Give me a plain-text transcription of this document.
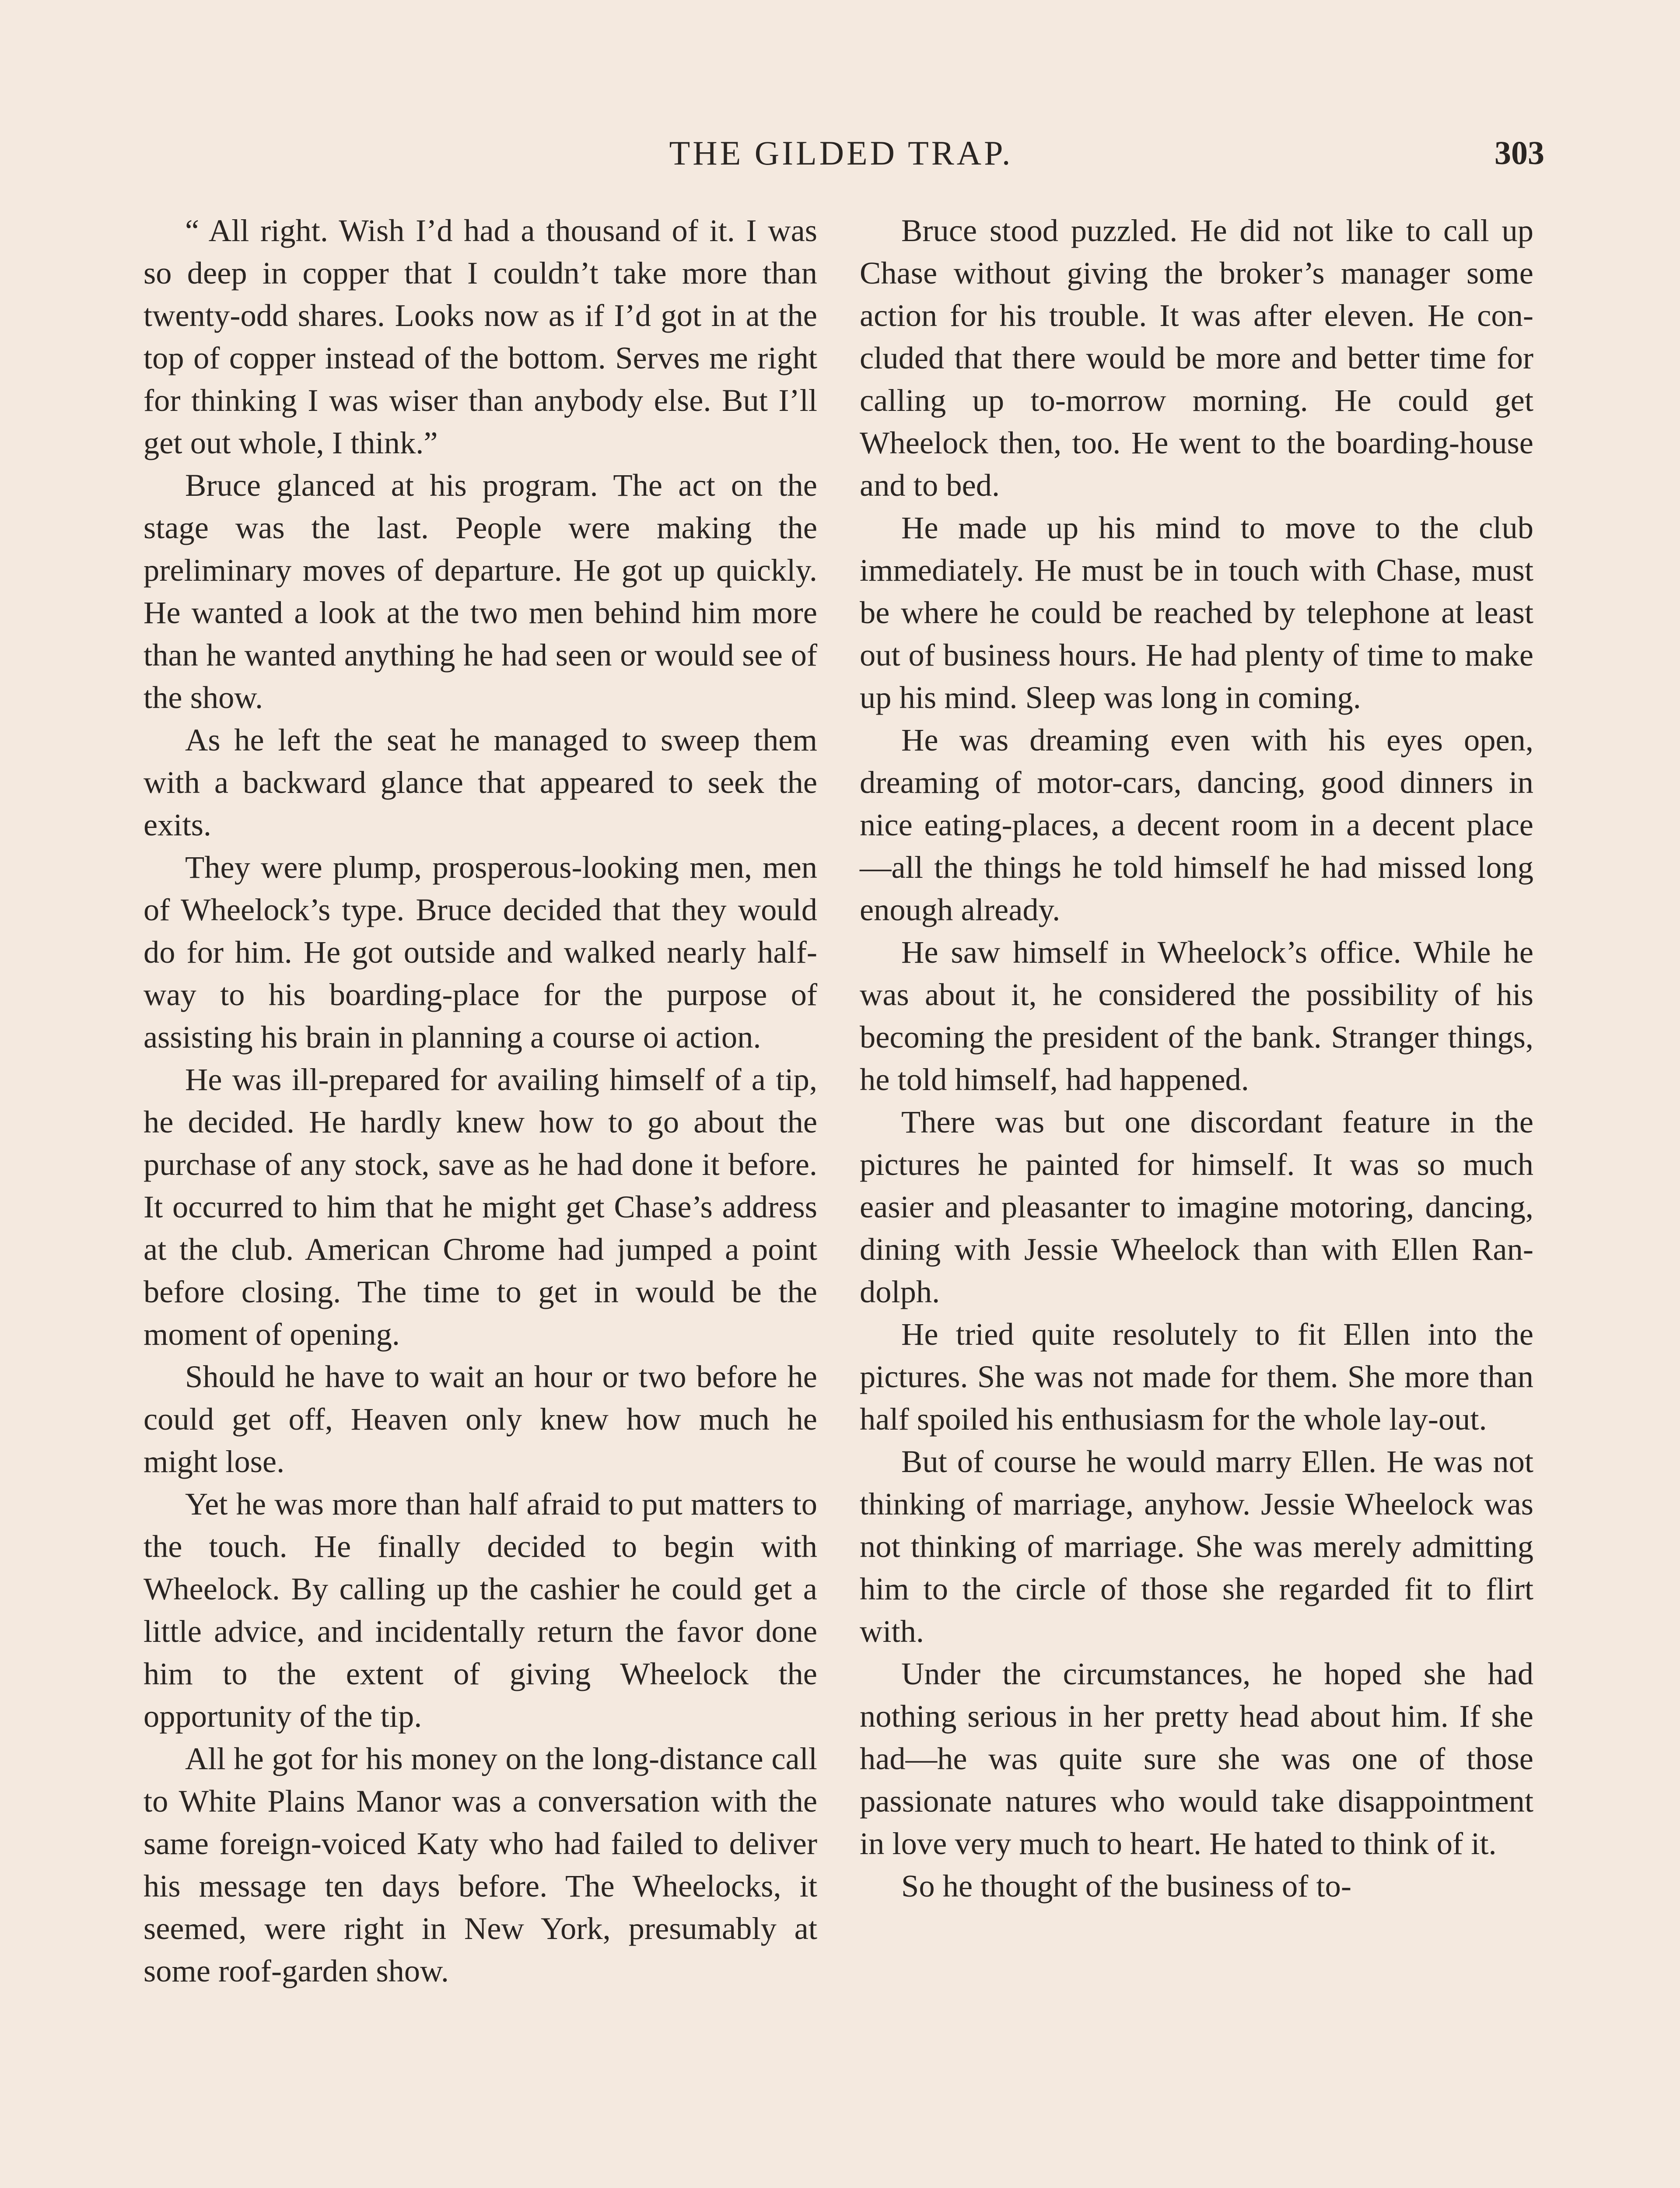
THE GILDED TRAP.	303

“ All right. Wish I’d had a thousand of it. I was so deep in copper that I couldn’t take more than twenty-odd shares. Looks now as if I’d got in at the top of copper instead of the bottom. Serves me right for thinking I was wiser than anybody else. But I’ll get out whole, I think.”

Bruce glanced at his program. The act on the stage was the last. People were making the preliminary moves of departure. He got up quickly. He wanted a look at the two men behind him more than he wanted anything he had seen or would see of the show.

As he left the seat he managed to sweep them with a backward glance that appeared to seek the exits.

They were plump, prosperous-looking men, men of Wheelock’s type. Bruce decided that they would do for him. He got outside and walked nearly half-way to his boarding-place for the purpose of assisting his brain in planning a course oi action.

He was ill-prepared for availing himself of a tip, he decided. He hardly knew how to go about the purchase of any stock, save as he had done it before. It occurred to him that he might get Chase’s address at the club. American Chrome had jumped a point before closing. The time to get in would be the moment of opening.

Should he have to wait an hour or two before he could get off, Heaven only knew how much he might lose.

Yet he was more than half afraid to put matters to the touch. He finally decided to begin with Wheelock. By calling up the cashier he could get a little advice, and incidentally return the favor done him to the extent of giving Wheelock the opportunity of the tip.

All he got for his money on the long-distance call to White Plains Manor was a conversation with the same foreign-voiced Katy who had failed to deliver his message ten days before. The Wheelocks, it seemed, were right in New York, presumably at some roof-garden show.

Bruce stood puzzled. He did not like to call up Chase without giving the broker’s manager some action for his trouble. It was after eleven. He concluded that there would be more and better time for calling up to-morrow morning. He could get Wheelock then, too. He went to the boarding-house and to bed.

He made up his mind to move to the club immediately. He must be in touch with Chase, must be where he could be reached by telephone at least out of business hours. He had plenty of time to make up his mind. Sleep was long in coming.

He was dreaming even with his eyes open, dreaming of motor-cars, dancing, good dinners in nice eating-places, a decent room in a decent place—all the things he told himself he had missed long enough already.

He saw himself in Wheelock’s office. While he was about it, he considered the possibility of his becoming the president of the bank. Stranger things, he told himself, had happened.

There was but one discordant feature in the pictures he painted for himself. It was so much easier and pleasanter to imagine motoring, dancing, dining with Jessie Wheelock than with Ellen Randolph.

He tried quite resolutely to fit Ellen into the pictures. She was not made for them. She more than half spoiled his enthusiasm for the whole lay-out.

But of course he would marry Ellen. He was not thinking of marriage, anyhow. Jessie Wheelock was not thinking of marriage. She was merely admitting him to the circle of those she regarded fit to flirt with.

Under the circumstances, he hoped she had nothing serious in her pretty head about him. If she had—he was quite sure she was one of those passionate natures who would take disappointment in love very much to heart. He hated to think of it.

So he thought of the business of to-
